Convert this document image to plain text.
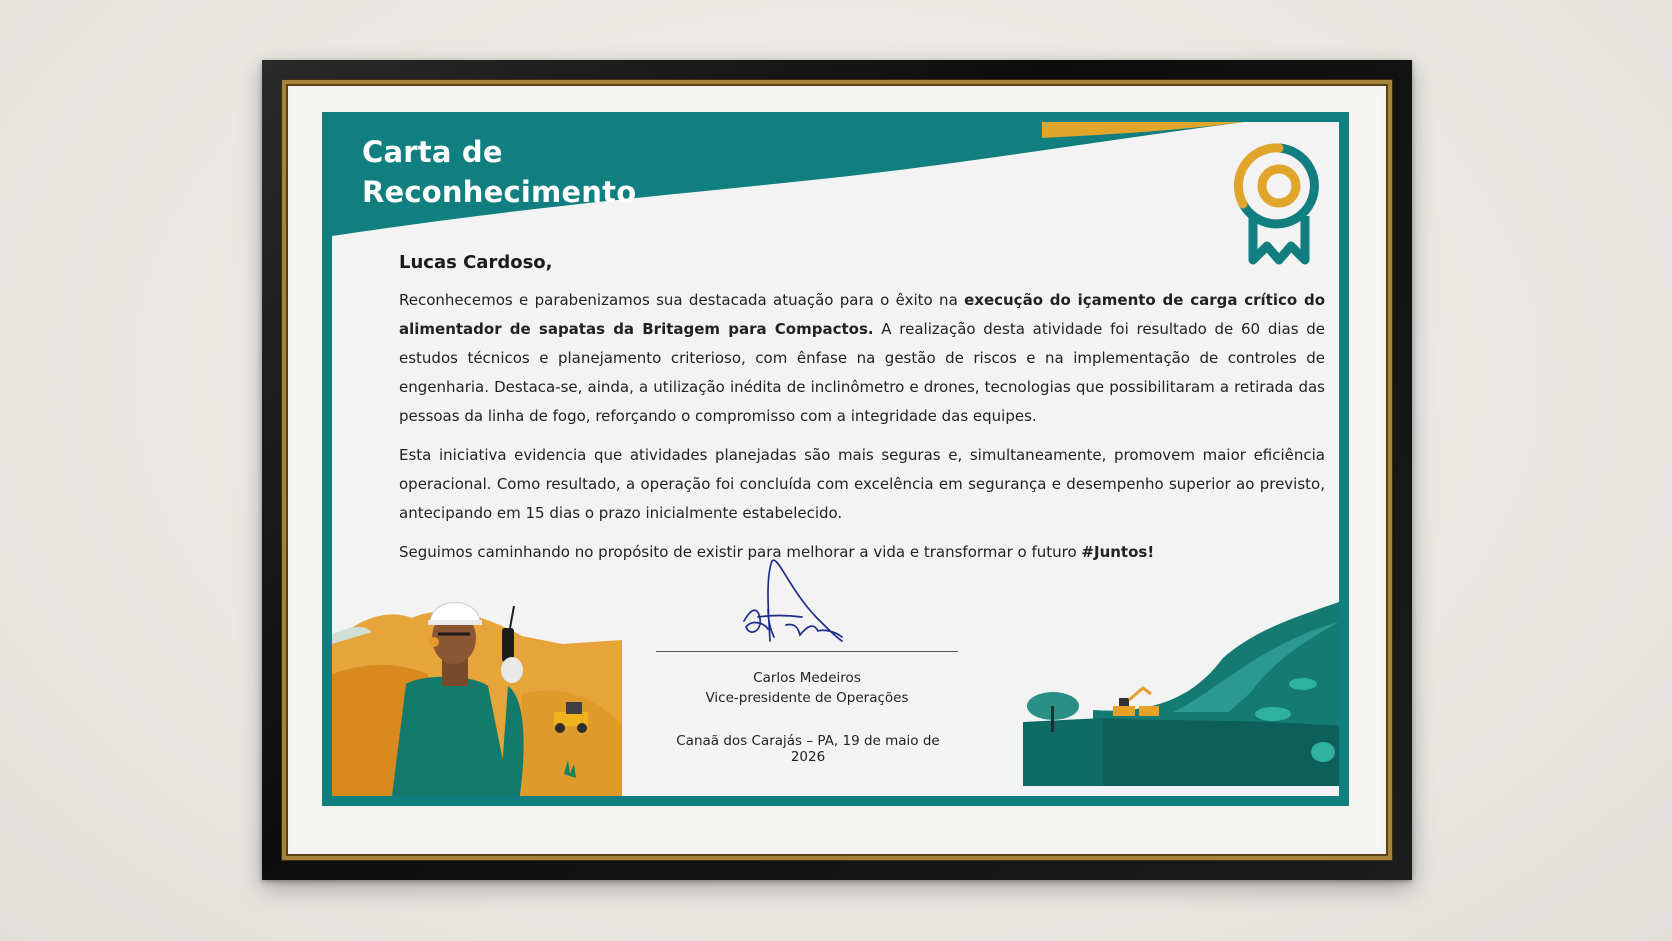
Carta de
Reconhecimento
Lucas Cardoso,

Reconhecemos e parabenizamos sua destacada atuação para o êxito na execução do içamento de carga crítico do alimentador de sapatas da Britagem para Compactos. A realização desta atividade foi resultado de 60 dias de estudos técnicos e planejamento criterioso, com ênfase na gestão de riscos e na implementação de controles de engenharia. Destaca-se, ainda, a utilização inédita de inclinômetro e drones, tecnologias que possibilitaram a retirada das pessoas da linha de fogo, reforçando o compromisso com a integridade das equipes.

Esta iniciativa evidencia que atividades planejadas são mais seguras e, simultaneamente, promovem maior eficiência operacional. Como resultado, a operação foi concluída com excelência em segurança e desempenho superior ao previsto, antecipando em 15 dias o prazo inicialmente estabelecido.

Seguimos caminhando no propósito de existir para melhorar a vida e transformar o futuro #Juntos!

Carlos Medeiros
Vice-presidente de Operações
Canaã dos Carajás – PA, 19 de maio de 2026
